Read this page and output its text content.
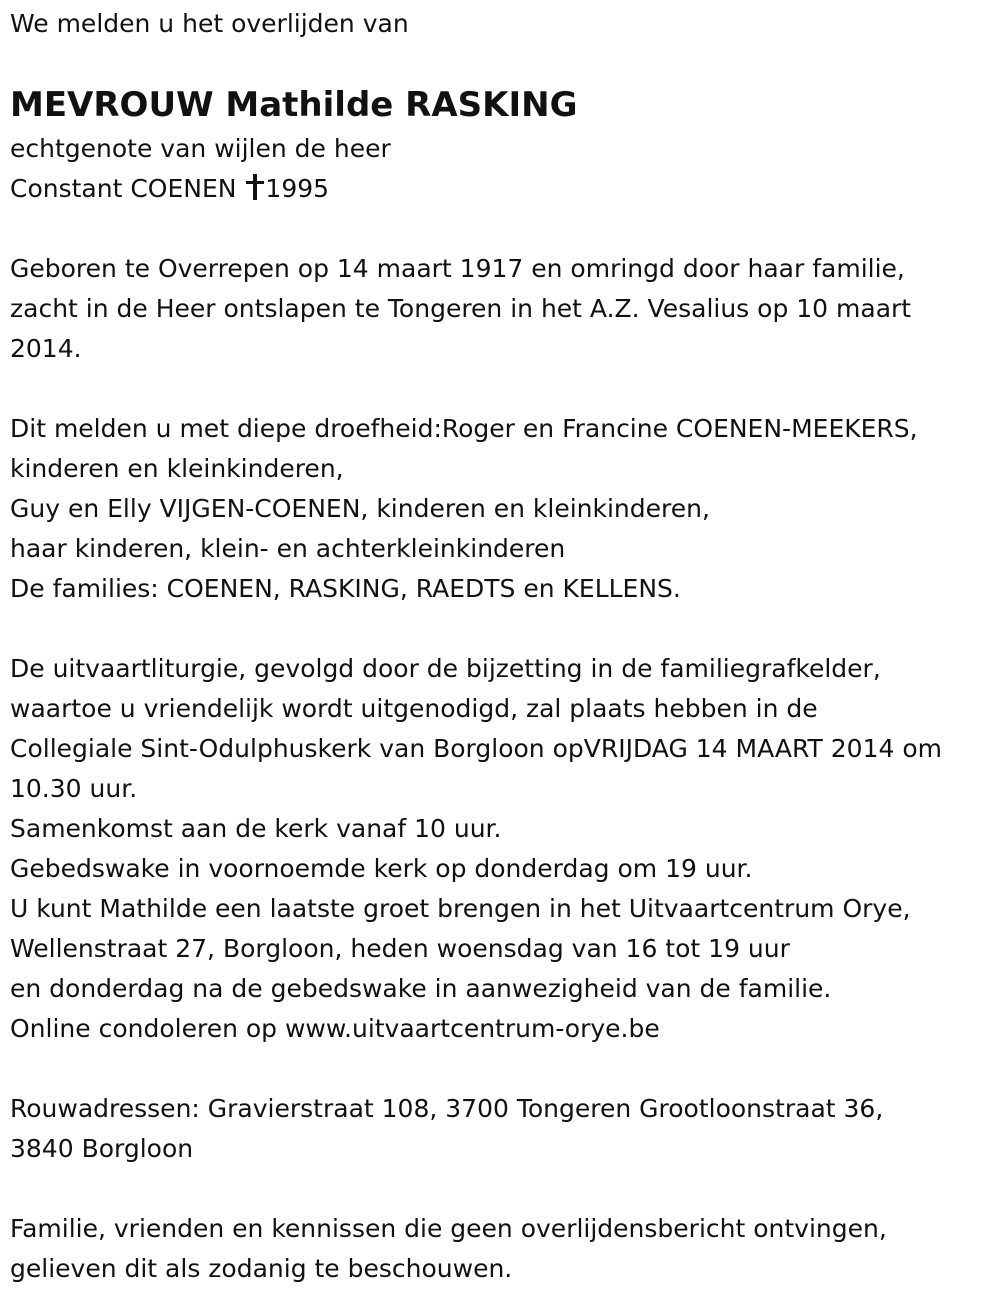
We melden u het overlijden van
MEVROUW Mathilde RASKING
echtgenote van wijlen de heer
Constant COENEN 1995
Geboren te Overrepen op 14 maart 1917 en omringd door haar familie,
zacht in de Heer ontslapen te Tongeren in het A.Z. Vesalius op 10 maart
2014.
Dit melden u met diepe droefheid:Roger en Francine COENEN-MEEKERS,
kinderen en kleinkinderen,
Guy en Elly VIJGEN-COENEN, kinderen en kleinkinderen,
haar kinderen, klein- en achterkleinkinderen
De families: COENEN, RASKING, RAEDTS en KELLENS.
De uitvaartliturgie, gevolgd door de bijzetting in de familiegrafkelder,
waartoe u vriendelijk wordt uitgenodigd, zal plaats hebben in de
Collegiale Sint-Odulphuskerk van Borgloon opVRIJDAG 14 MAART 2014 om
10.30 uur.
Samenkomst aan de kerk vanaf 10 uur.
Gebedswake in voornoemde kerk op donderdag om 19 uur.
U kunt Mathilde een laatste groet brengen in het Uitvaartcentrum Orye,
Wellenstraat 27, Borgloon, heden woensdag van 16 tot 19 uur
en donderdag na de gebedswake in aanwezigheid van de familie.
Online condoleren op www.uitvaartcentrum-orye.be
Rouwadressen: Gravierstraat 108, 3700 Tongeren Grootloonstraat 36,
3840 Borgloon
Familie, vrienden en kennissen die geen overlijdensbericht ontvingen,
gelieven dit als zodanig te beschouwen.
